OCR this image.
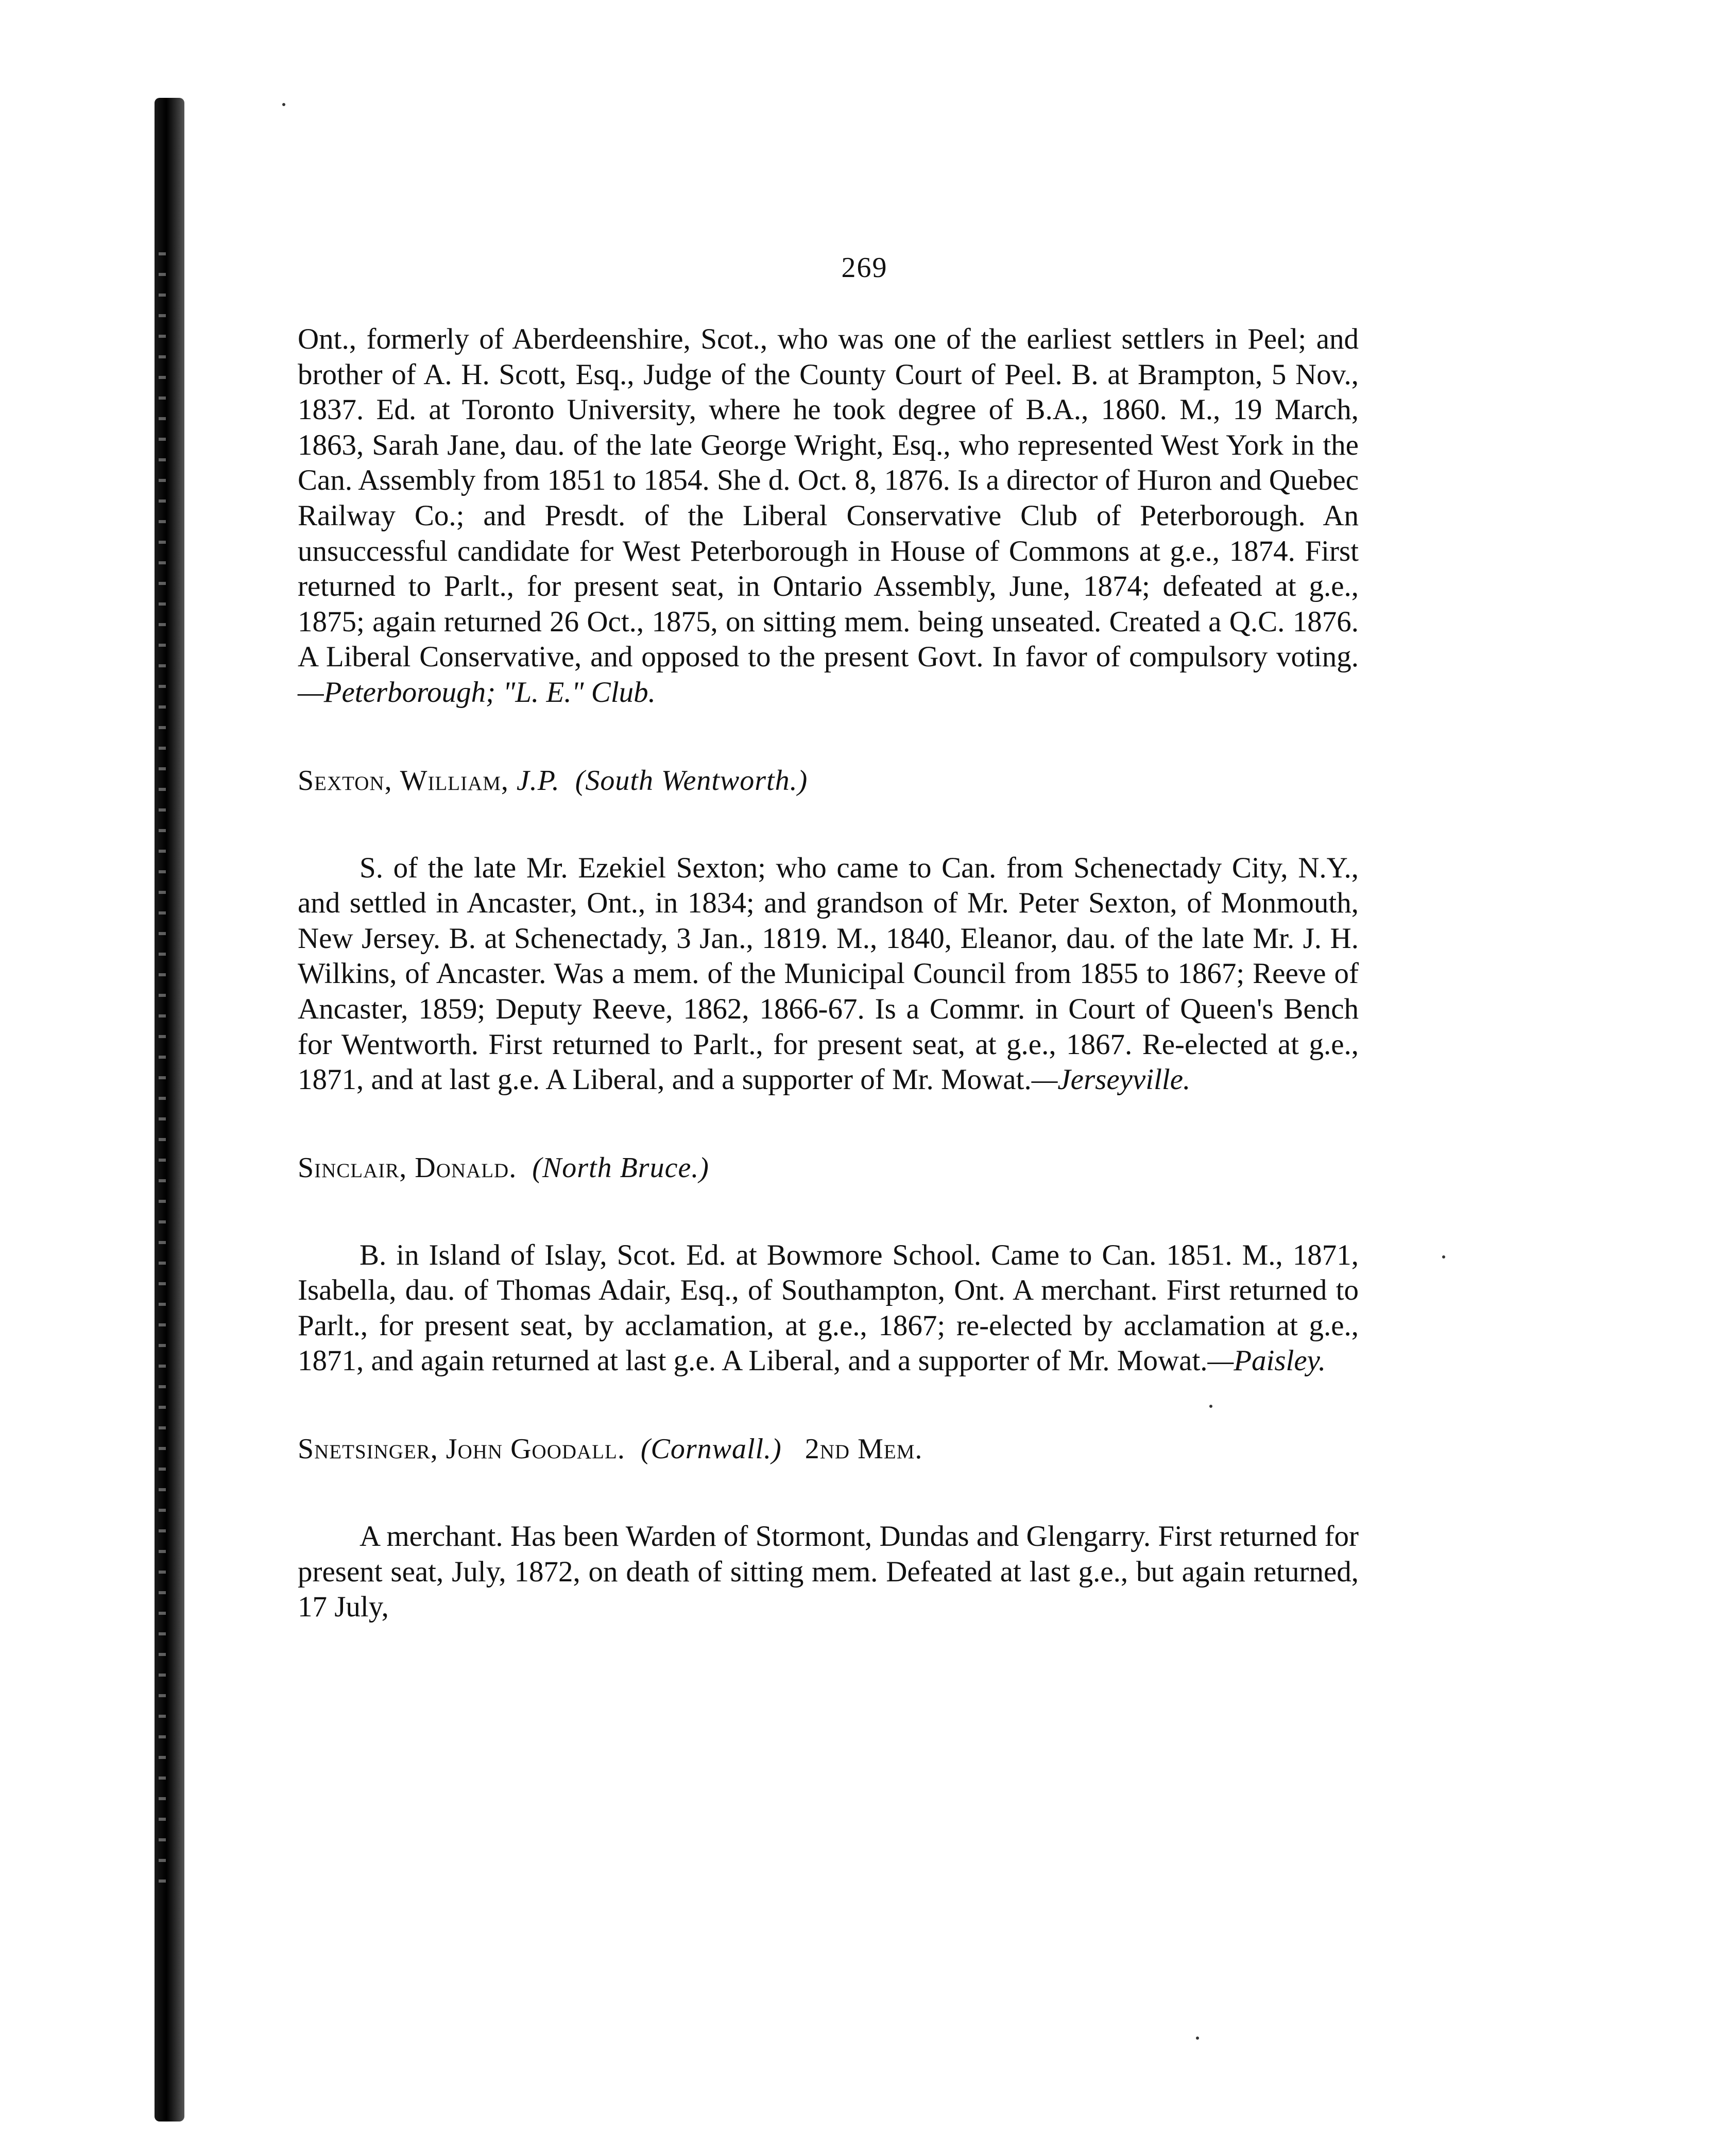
269

Ont., formerly of Aberdeenshire, Scot., who was one of the earliest settlers in Peel; and brother of A. H. Scott, Esq., Judge of the County Court of Peel. B. at Brampton, 5 Nov., 1837. Ed. at Toronto University, where he took degree of B.A., 1860. M., 19 March, 1863, Sarah Jane, dau. of the late George Wright, Esq., who represented West York in the Can. Assembly from 1851 to 1854. She d. Oct. 8, 1876. Is a director of Huron and Quebec Railway Co.; and Presdt. of the Liberal Conservative Club of Peterborough. An unsuccessful candidate for West Peterborough in House of Commons at g.e., 1874. First returned to Parlt., for present seat, in Ontario Assembly, June, 1874; defeated at g.e., 1875; again returned 26 Oct., 1875, on sitting mem. being unseated. Created a Q.C. 1876. A Liberal Conservative, and opposed to the present Govt. In favor of compulsory voting.—Peterborough; "L. E." Club.

Sexton, William, J.P. (South Wentworth.)

S. of the late Mr. Ezekiel Sexton; who came to Can. from Schenectady City, N.Y., and settled in Ancaster, Ont., in 1834; and grandson of Mr. Peter Sexton, of Monmouth, New Jersey. B. at Schenectady, 3 Jan., 1819. M., 1840, Eleanor, dau. of the late Mr. J. H. Wilkins, of Ancaster. Was a mem. of the Municipal Council from 1855 to 1867; Reeve of Ancaster, 1859; Deputy Reeve, 1862, 1866-67. Is a Commr. in Court of Queen's Bench for Wentworth. First returned to Parlt., for present seat, at g.e., 1867. Re-elected at g.e., 1871, and at last g.e. A Liberal, and a supporter of Mr. Mowat.—Jerseyville.

Sinclair, Donald. (North Bruce.)

B. in Island of Islay, Scot. Ed. at Bowmore School. Came to Can. 1851. M., 1871, Isabella, dau. of Thomas Adair, Esq., of Southampton, Ont. A merchant. First returned to Parlt., for present seat, by acclamation, at g.e., 1867; re-elected by acclamation at g.e., 1871, and again returned at last g.e. A Liberal, and a supporter of Mr. Mowat.—Paisley.

Snetsinger, John Goodall. (Cornwall.) 2nd Mem.

A merchant. Has been Warden of Stormont, Dundas and Glengarry. First returned for present seat, July, 1872, on death of sitting mem. Defeated at last g.e., but again returned, 17 July,
